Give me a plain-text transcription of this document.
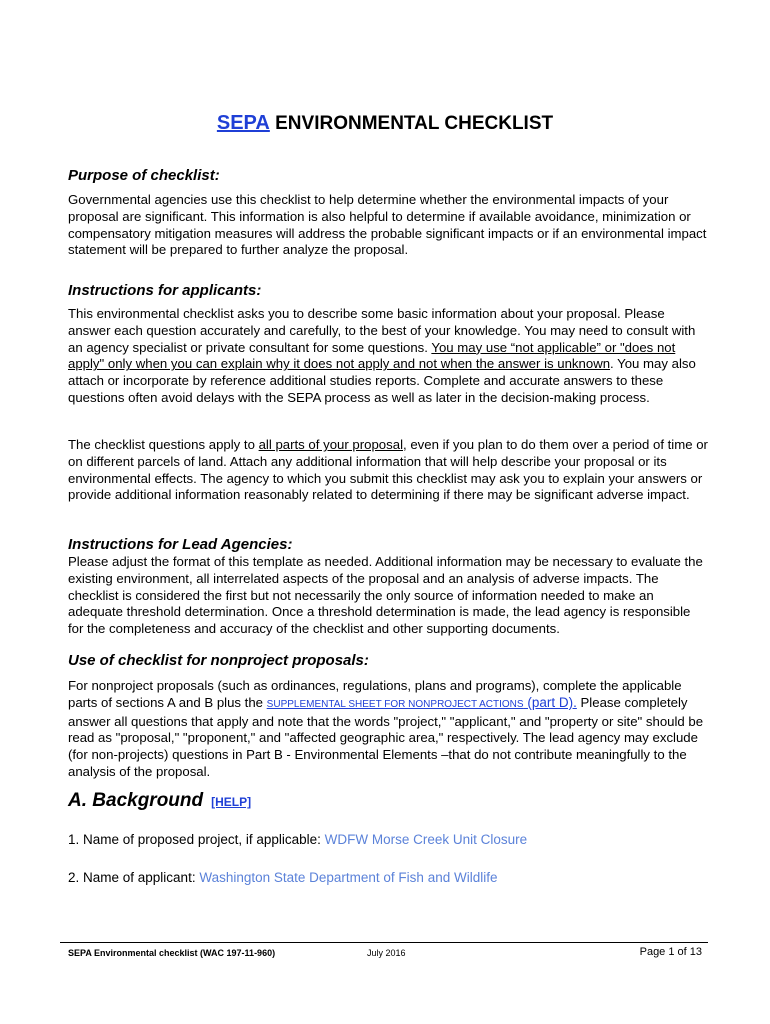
SEPA ENVIRONMENTAL CHECKLIST
Purpose of checklist:

Governmental agencies use this checklist to help determine whether the environmental impacts of your proposal are significant. This information is also helpful to determine if available avoidance, minimization or compensatory mitigation measures will address the probable significant impacts or if an environmental impact statement will be prepared to further analyze the proposal.

Instructions for applicants:

This environmental checklist asks you to describe some basic information about your proposal. Please answer each question accurately and carefully, to the best of your knowledge. You may need to consult with an agency specialist or private consultant for some questions. You may use “not applicable” or "does not apply" only when you can explain why it does not apply and not when the answer is unknown. You may also attach or incorporate by reference additional studies reports. Complete and accurate answers to these questions often avoid delays with the SEPA process as well as later in the decision-making process.

The checklist questions apply to all parts of your proposal, even if you plan to do them over a period of time or on different parcels of land. Attach any additional information that will help describe your proposal or its environmental effects. The agency to which you submit this checklist may ask you to explain your answers or provide additional information reasonably related to determining if there may be significant adverse impact.

Instructions for Lead Agencies:

Please adjust the format of this template as needed. Additional information may be necessary to evaluate the existing environment, all interrelated aspects of the proposal and an analysis of adverse impacts. The checklist is considered the first but not necessarily the only source of information needed to make an adequate threshold determination. Once a threshold determination is made, the lead agency is responsible for the completeness and accuracy of the checklist and other supporting documents.

Use of checklist for nonproject proposals:

For nonproject proposals (such as ordinances, regulations, plans and programs), complete the applicable parts of sections A and B plus the SUPPLEMENTAL SHEET FOR NONPROJECT ACTIONS (part D). Please completely answer all questions that apply and note that the words "project," "applicant," and "property or site" should be read as "proposal," "proponent," and "affected geographic area," respectively. The lead agency may exclude (for non-projects) questions in Part B - Environmental Elements –that do not contribute meaningfully to the analysis of the proposal.

A. Background [HELP]
1. Name of proposed project, if applicable: WDFW Morse Creek Unit Closure
2. Name of applicant: Washington State Department of Fish and Wildlife
SEPA Environmental checklist (WAC 197-11-960)	July 2016	Page 1 of 13
